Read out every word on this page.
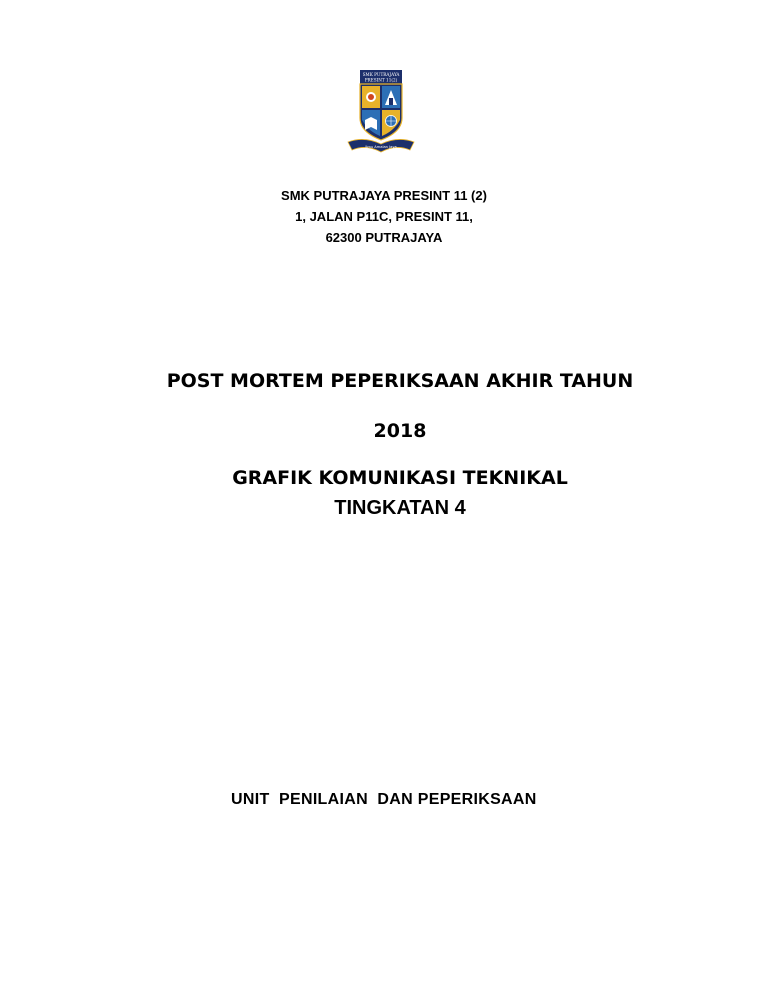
SMK PUTRAJAYA
PRESINT 11(2)
Ilmu Amalan Jaya
SMK PUTRAJAYA PRESINT 11 (2)
1, JALAN P11C, PRESINT 11,
62300 PUTRAJAYA
POST MORTEM PEPERIKSAAN AKHIR TAHUN
2018
GRAFIK KOMUNIKASI TEKNIKAL
TINGKATAN 4
UNIT  PENILAIAN  DAN PEPERIKSAAN
